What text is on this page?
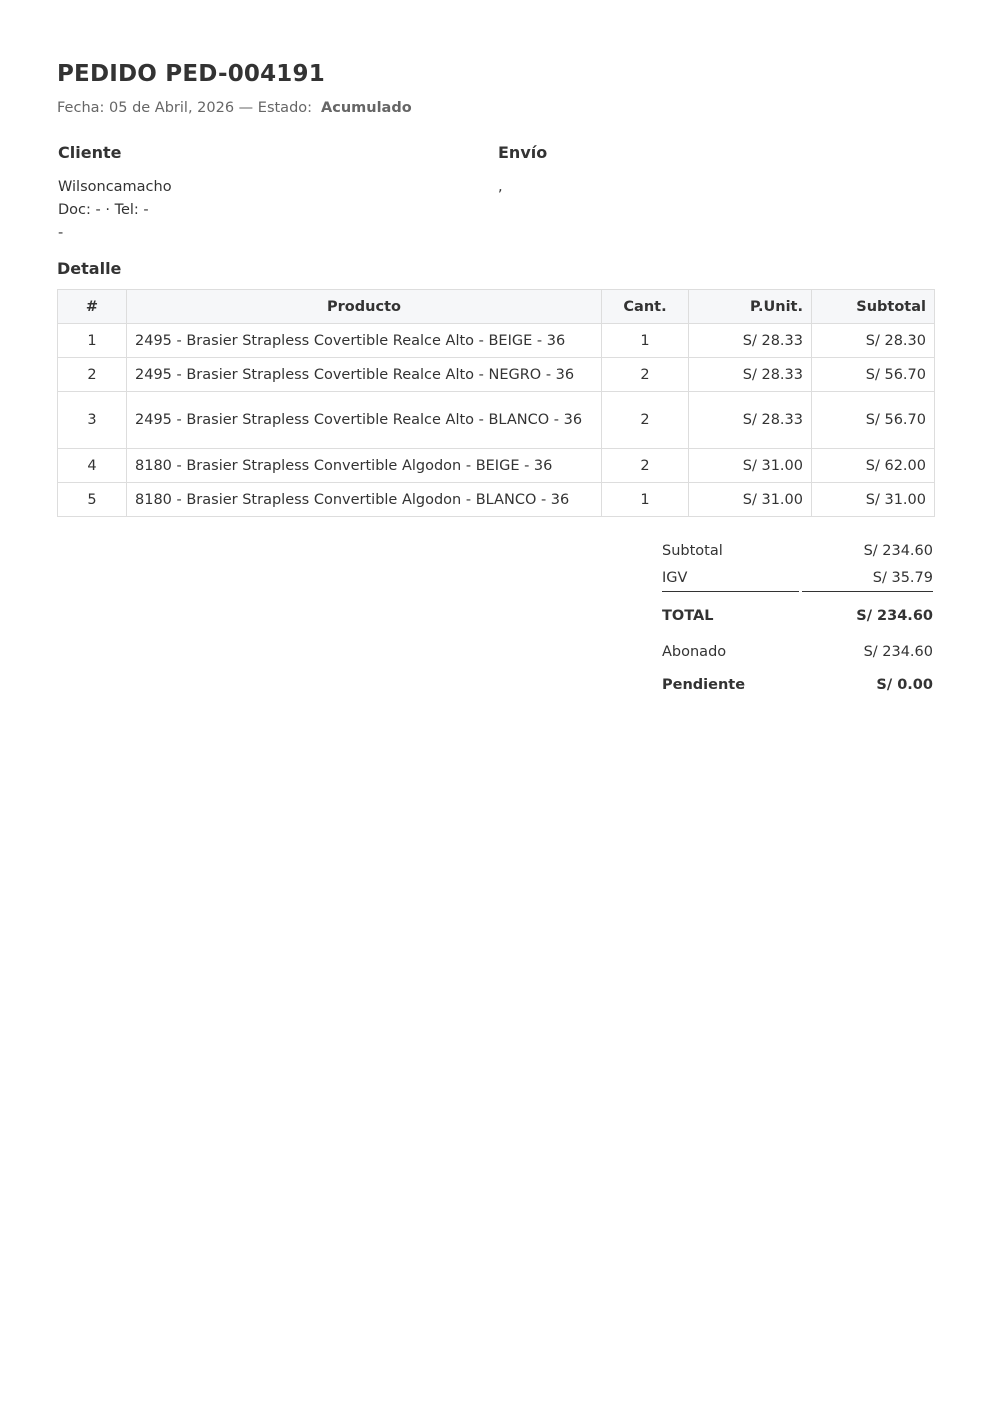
PEDIDO PED-004191
Fecha: 05 de Abril, 2026 — Estado: Acumulado
Cliente
Wilsoncamacho
Doc: - · Tel: -
-
Envío
,
Detalle
#	Producto	Cant.	P.Unit.	Subtotal
1	2495 - Brasier Strapless Covertible Realce Alto - BEIGE - 36	1	S/ 28.33	S/ 28.30
2	2495 - Brasier Strapless Covertible Realce Alto - NEGRO - 36	2	S/ 28.33	S/ 56.70
3	2495 - Brasier Strapless Covertible Realce Alto - BLANCO - 36	2	S/ 28.33	S/ 56.70
4	8180 - Brasier Strapless Convertible Algodon - BEIGE - 36	2	S/ 31.00	S/ 62.00
5	8180 - Brasier Strapless Convertible Algodon - BLANCO - 36	1	S/ 31.00	S/ 31.00
Subtotal	S/ 234.60
IGV	S/ 35.79
TOTAL	S/ 234.60
Abonado	S/ 234.60
Pendiente	S/ 0.00
